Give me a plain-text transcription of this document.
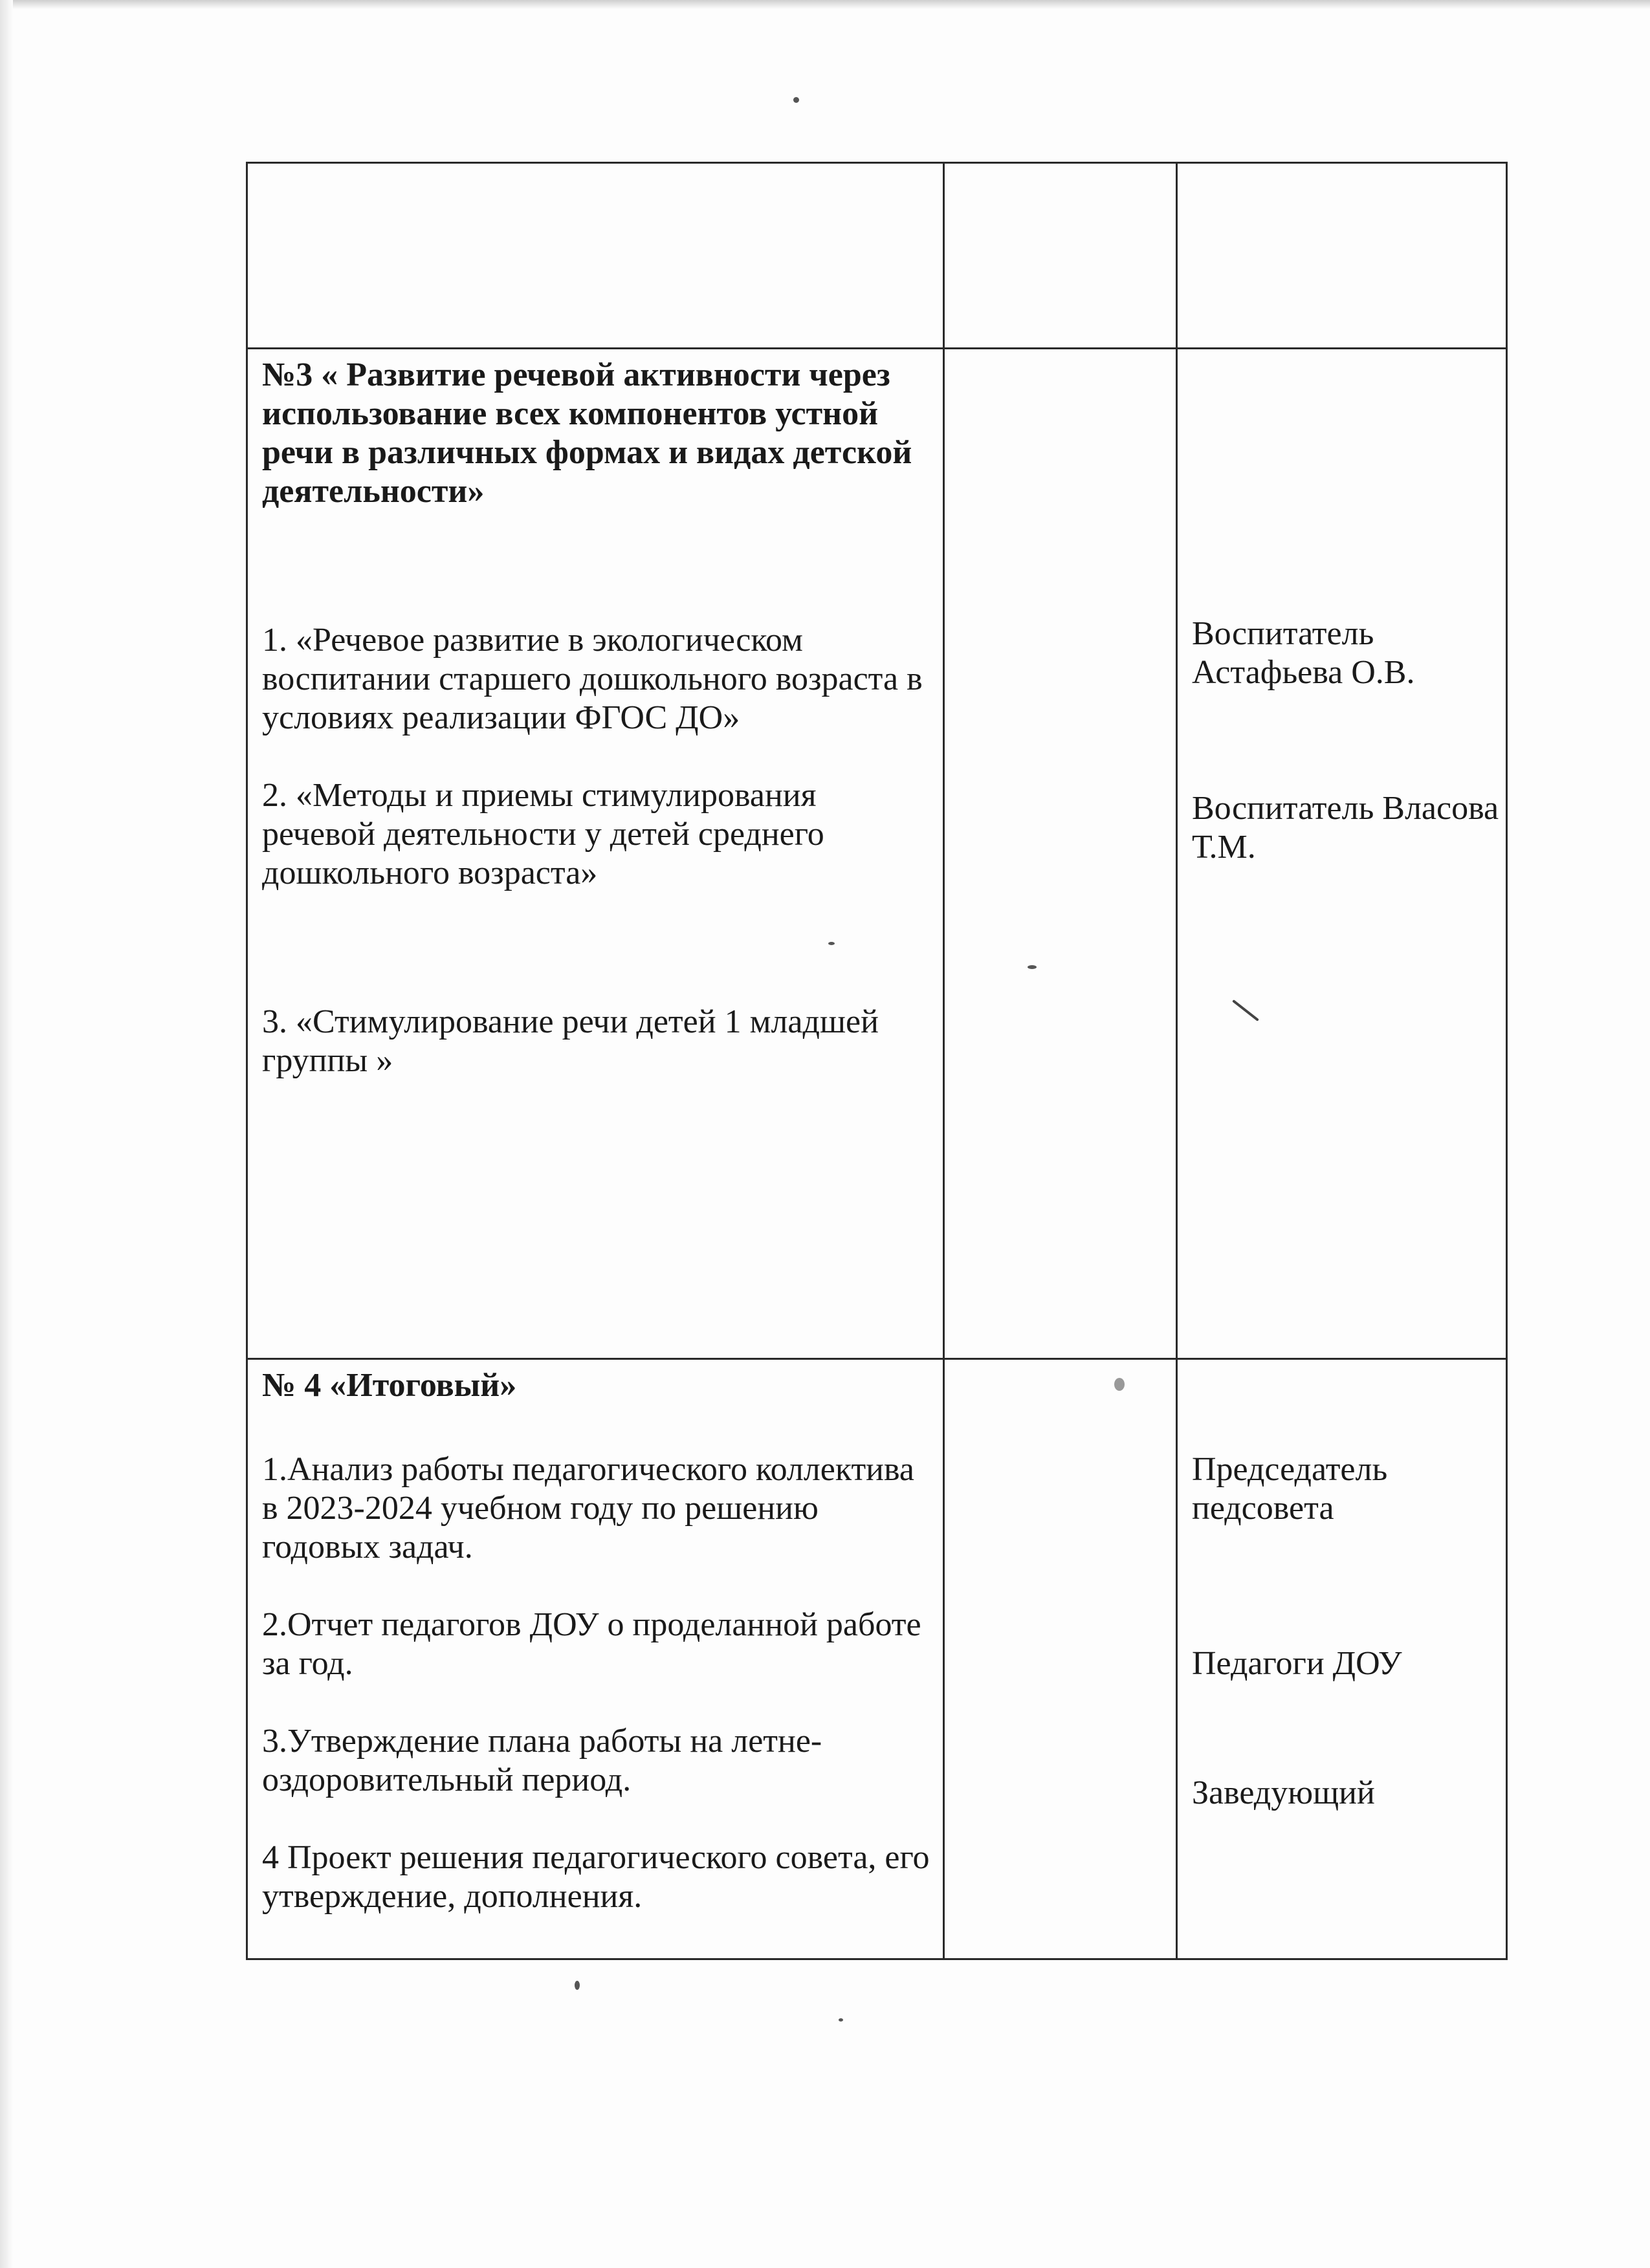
№3 « Развитие речевой активности через использование всех компонентов устной речи в различных формах и видах детской деятельности»
1. «Речевое развитие в экологическом воспитании старшего дошкольного возраста в условиях реализации ФГОС ДО»
2. «Методы и приемы стимулирования речевой деятельности у детей среднего дошкольного возраста»
3. «Стимулирование речи детей 1 младшей группы »
Воспитатель Астафьева О.В.
Воспитатель Власова Т.М.
№ 4 «Итоговый»
1.Анализ работы педагогического коллектива в 2023-2024 учебном году по решению годовых задач.
2.Отчет педагогов ДОУ о проделанной работе за год.
3.Утверждение плана работы на летне-оздоровительный период.
4 Проект решения педагогического совета, его утверждение, дополнения.
Председатель педсовета
Педагоги ДОУ
Заведующий
